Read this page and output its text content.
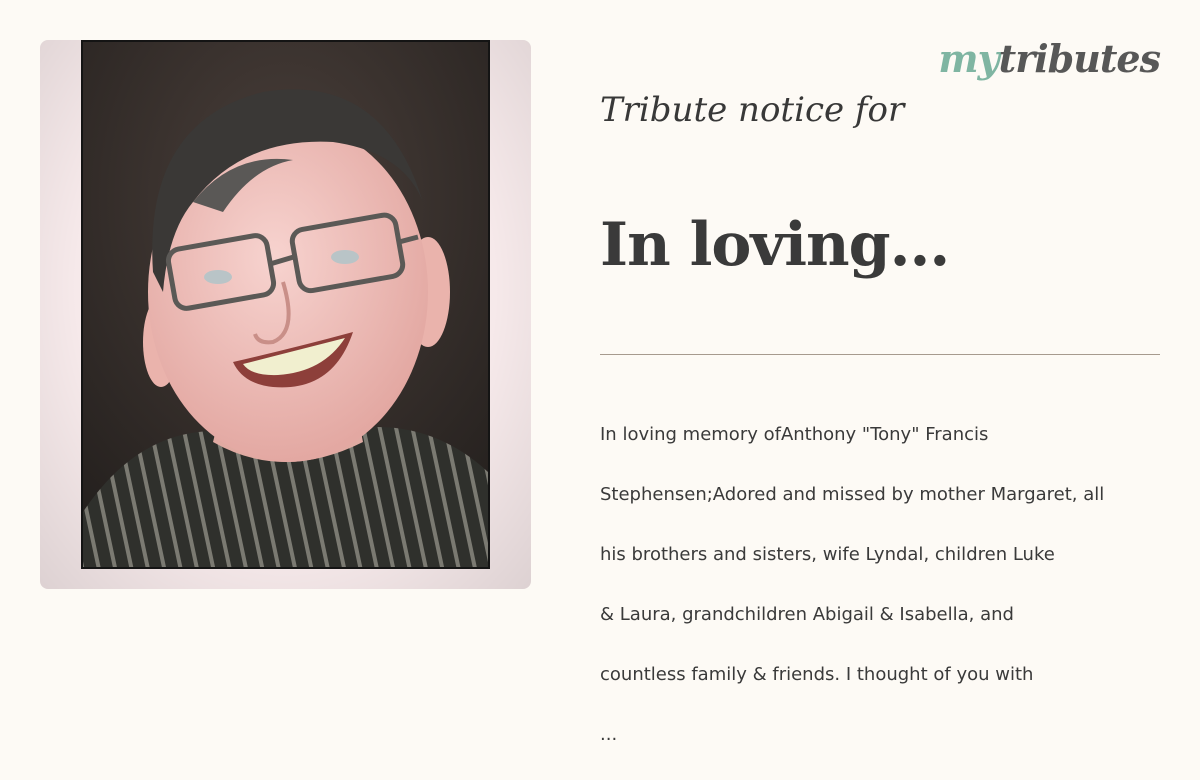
mytributes
Tribute notice for
In loving...

In loving memory ofAnthony "Tony" Francis

Stephensen;Adored and missed by mother Margaret, all

his brothers and sisters, wife Lyndal, children Luke

& Laura, grandchildren Abigail & Isabella, and

countless family & friends. I thought of you with

...
